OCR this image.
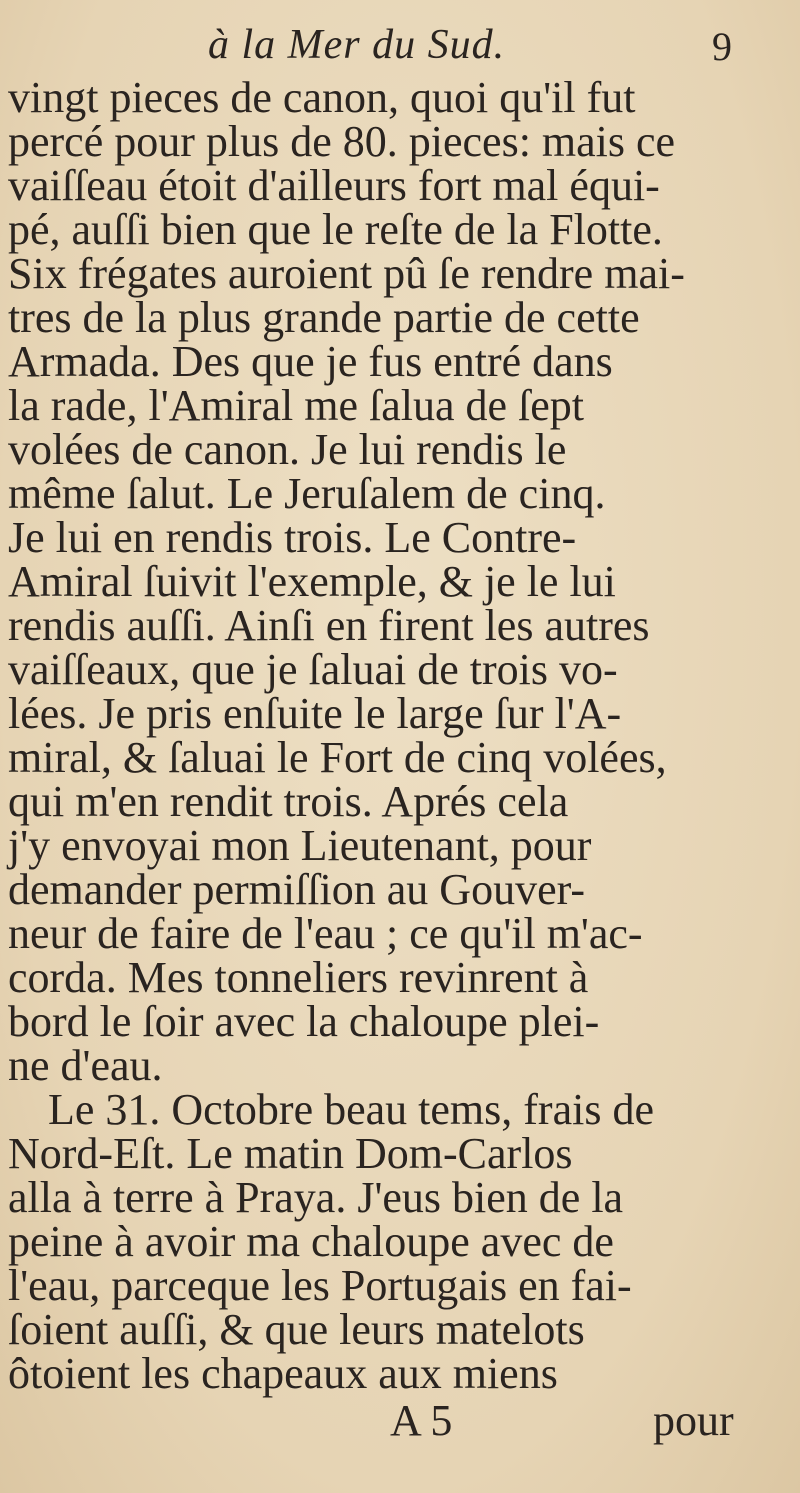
à la Mer du Sud.	9
vingt pieces de canon, quoi qu'il fut
percé pour plus de 80. pieces: mais ce
vaiſſeau étoit d'ailleurs fort mal équi-
pé, auſſi bien que le reſte de la Flotte.
Six frégates auroient pû ſe rendre mai-
tres de la plus grande partie de cette
Armada. Des que je fus entré dans
la rade, l'Amiral me ſalua de ſept
volées de canon. Je lui rendis le
même ſalut. Le Jeruſalem de cinq.
Je lui en rendis trois. Le Contre-
Amiral ſuivit l'exemple, & je le lui
rendis auſſi. Ainſi en firent les autres
vaiſſeaux, que je ſaluai de trois vo-
lées. Je pris enſuite le large ſur l'A-
miral, & ſaluai le Fort de cinq volées,
qui m'en rendit trois. Aprés cela
j'y envoyai mon Lieutenant, pour
demander permiſſion au Gouver-
neur de faire de l'eau ; ce qu'il m'ac-
corda. Mes tonneliers revinrent à
bord le ſoir avec la chaloupe plei-
ne d'eau.
Le 31. Octobre beau tems, frais de
Nord-Eſt. Le matin Dom-Carlos
alla à terre à Praya. J'eus bien de la
peine à avoir ma chaloupe avec de
l'eau, parceque les Portugais en fai-
ſoient auſſi, & que leurs matelots
ôtoient les chapeaux aux miens
A 5	pour
